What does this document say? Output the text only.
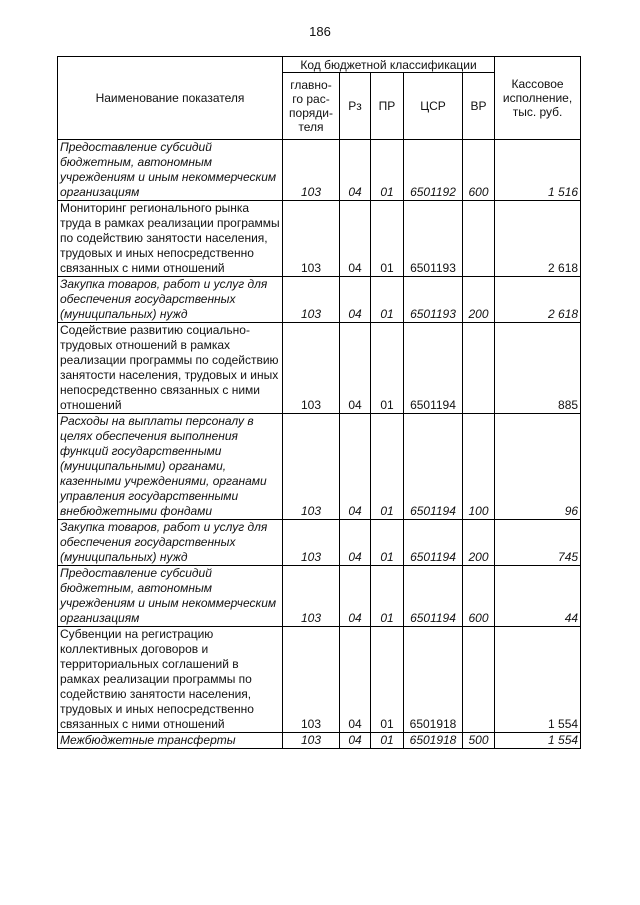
186
Наименование показателя	Код бюджетной классификации					Кассовое исполнение, тыс. руб.
	главно-го рас-поряди-теля	Рз	ПР	ЦСР	ВР	
Предоставление субсидий бюджетным, автономным учреждениям и иным некоммерческим организациям	103	04	01	6501192	600	1 516
Мониторинг регионального рынка труда в рамках реализации программы по содействию занятости населения, трудовых и иных непосредственно связанных с ними отношений	103	04	01	6501193		2 618
Закупка товаров, работ и услуг для обеспечения государственных (муниципальных) нужд	103	04	01	6501193	200	2 618
Содействие развитию социально-трудовых отношений в рамках реализации программы по содействию занятости населения, трудовых и иных непосредственно связанных с ними отношений	103	04	01	6501194		885
Расходы на выплаты персоналу в целях обеспечения выполнения функций государственными (муниципальными) органами, казенными учреждениями, органами управления государственными внебюджетными фондами	103	04	01	6501194	100	96
Закупка товаров, работ и услуг для обеспечения государственных (муниципальных) нужд	103	04	01	6501194	200	745
Предоставление субсидий бюджетным, автономным учреждениям и иным некоммерческим организациям	103	04	01	6501194	600	44
Субвенции на регистрацию коллективных договоров и территориальных соглашений в рамках реализации программы по содействию занятости населения, трудовых и иных непосредственно связанных с ними отношений	103	04	01	6501918		1 554
Межбюджетные трансферты	103	04	01	6501918	500	1 554
